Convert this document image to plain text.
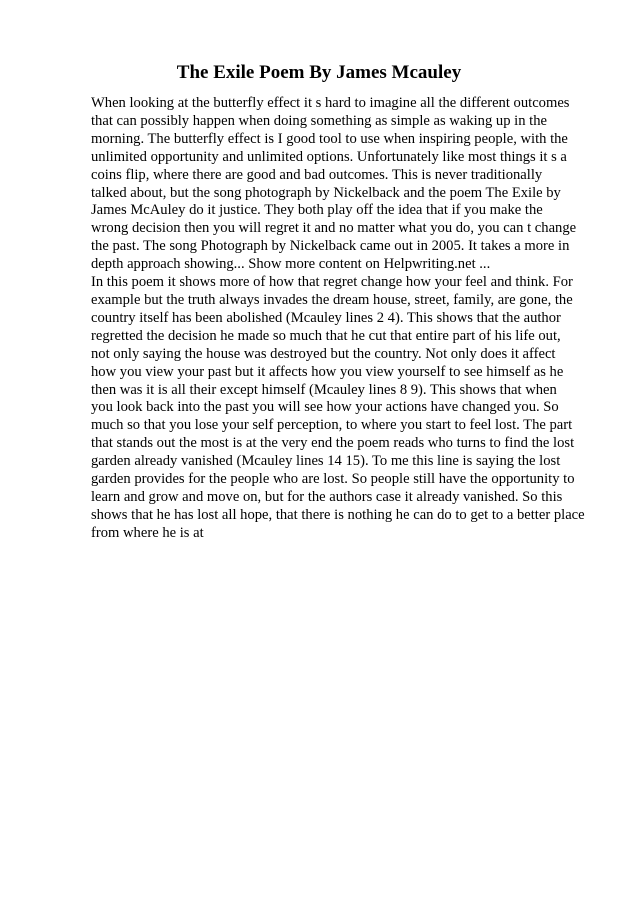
The Exile Poem By James Mcauley
When looking at the butterfly effect it s hard to imagine all the different outcomes
that can possibly happen when doing something as simple as waking up in the
morning. The butterfly effect is I good tool to use when inspiring people, with the
unlimited opportunity and unlimited options. Unfortunately like most things it s a
coins flip, where there are good and bad outcomes. This is never traditionally
talked about, but the song photograph by Nickelback and the poem The Exile by
James McAuley do it justice. They both play off the idea that if you make the
wrong decision then you will regret it and no matter what you do, you can t change
the past. The song Photograph by Nickelback came out in 2005. It takes a more in
depth approach showing... Show more content on Helpwriting.net ...
In this poem it shows more of how that regret change how your feel and think. For
example but the truth always invades the dream house, street, family, are gone, the
country itself has been abolished (Mcauley lines 2 4). This shows that the author
regretted the decision he made so much that he cut that entire part of his life out,
not only saying the house was destroyed but the country. Not only does it affect
how you view your past but it affects how you view yourself to see himself as he
then was it is all their except himself (Mcauley lines 8 9). This shows that when
you look back into the past you will see how your actions have changed you. So
much so that you lose your self perception, to where you start to feel lost. The part
that stands out the most is at the very end the poem reads who turns to find the lost
garden already vanished (Mcauley lines 14 15). To me this line is saying the lost
garden provides for the people who are lost. So people still have the opportunity to
learn and grow and move on, but for the authors case it already vanished. So this
shows that he has lost all hope, that there is nothing he can do to get to a better place
from where he is at
